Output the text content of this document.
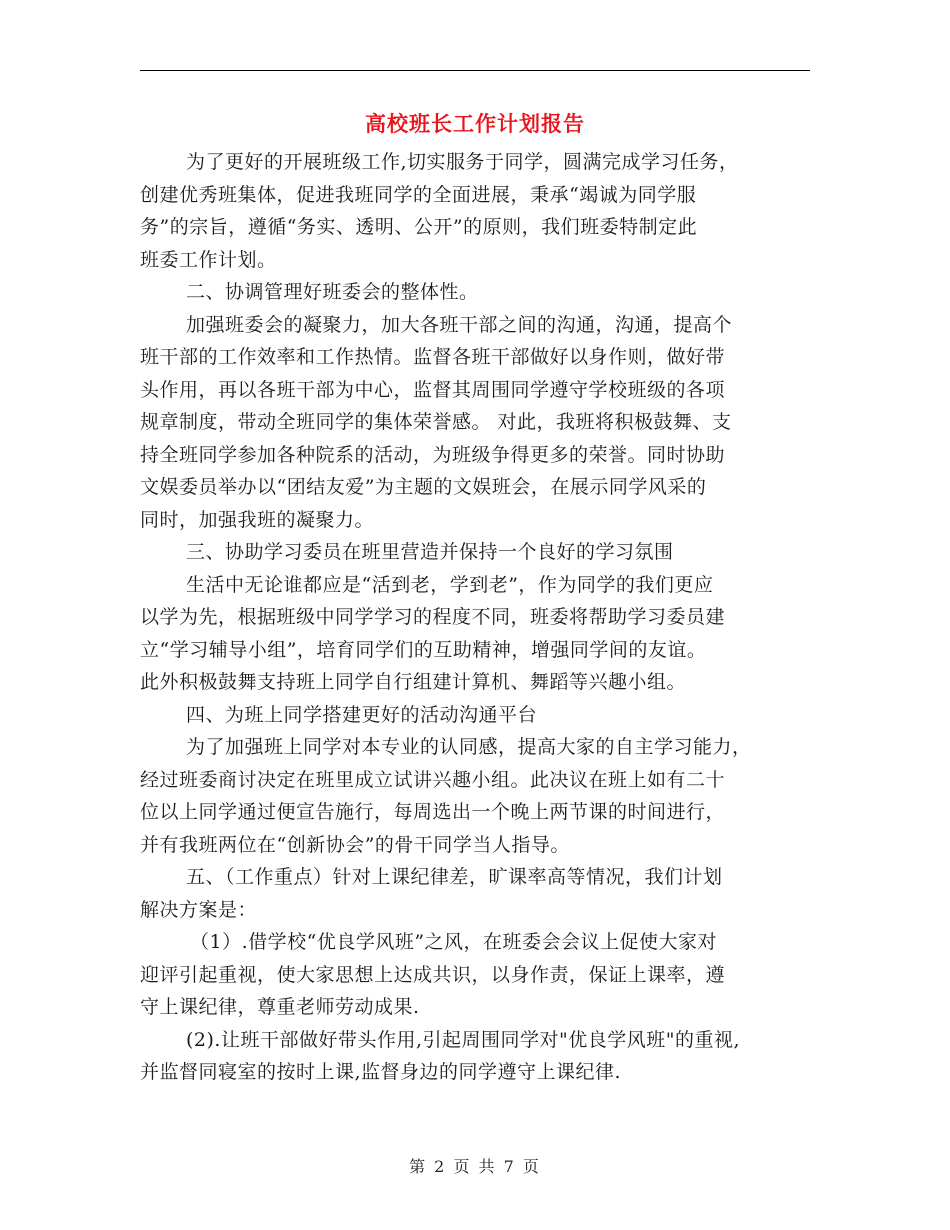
高校班长工作计划报告
为了更好的开展班级工作,切实服务于同学，圆满完成学习任务，
创建优秀班集体，促进我班同学的全面进展，秉承“竭诚为同学服
务”的宗旨，遵循“务实、透明、公开”的原则，我们班委特制定此
班委工作计划。
二、协调管理好班委会的整体性。
加强班委会的凝聚力，加大各班干部之间的沟通，沟通，提高个
班干部的工作效率和工作热情。监督各班干部做好以身作则，做好带
头作用，再以各班干部为中心，监督其周围同学遵守学校班级的各项
规章制度，带动全班同学的集体荣誉感。 对此，我班将积极鼓舞、支
持全班同学参加各种院系的活动，为班级争得更多的荣誉。同时协助
文娱委员举办以“团结友爱”为主题的文娱班会，在展示同学风采的
同时，加强我班的凝聚力。
三、协助学习委员在班里营造并保持一个良好的学习氛围
生活中无论谁都应是“活到老，学到老”，作为同学的我们更应
以学为先，根据班级中同学学习的程度不同，班委将帮助学习委员建
立“学习辅导小组”，培育同学们的互助精神，增强同学间的友谊。
此外积极鼓舞支持班上同学自行组建计算机、舞蹈等兴趣小组。
四、为班上同学搭建更好的活动沟通平台
为了加强班上同学对本专业的认同感，提高大家的自主学习能力，
经过班委商讨决定在班里成立试讲兴趣小组。此决议在班上如有二十
位以上同学通过便宣告施行，每周选出一个晚上两节课的时间进行，
并有我班两位在“创新协会”的骨干同学当人指导。
五、（工作重点）针对上课纪律差，旷课率高等情况，我们计划
解决方案是：
（1）.借学校“优良学风班”之风，在班委会会议上促使大家对
迎评引起重视，使大家思想上达成共识，以身作责，保证上课率，遵
守上课纪律，尊重老师劳动成果.
(2).让班干部做好带头作用,引起周围同学对"优良学风班"的重视,
并监督同寝室的按时上课,监督身边的同学遵守上课纪律.
第 2 页 共 7 页
